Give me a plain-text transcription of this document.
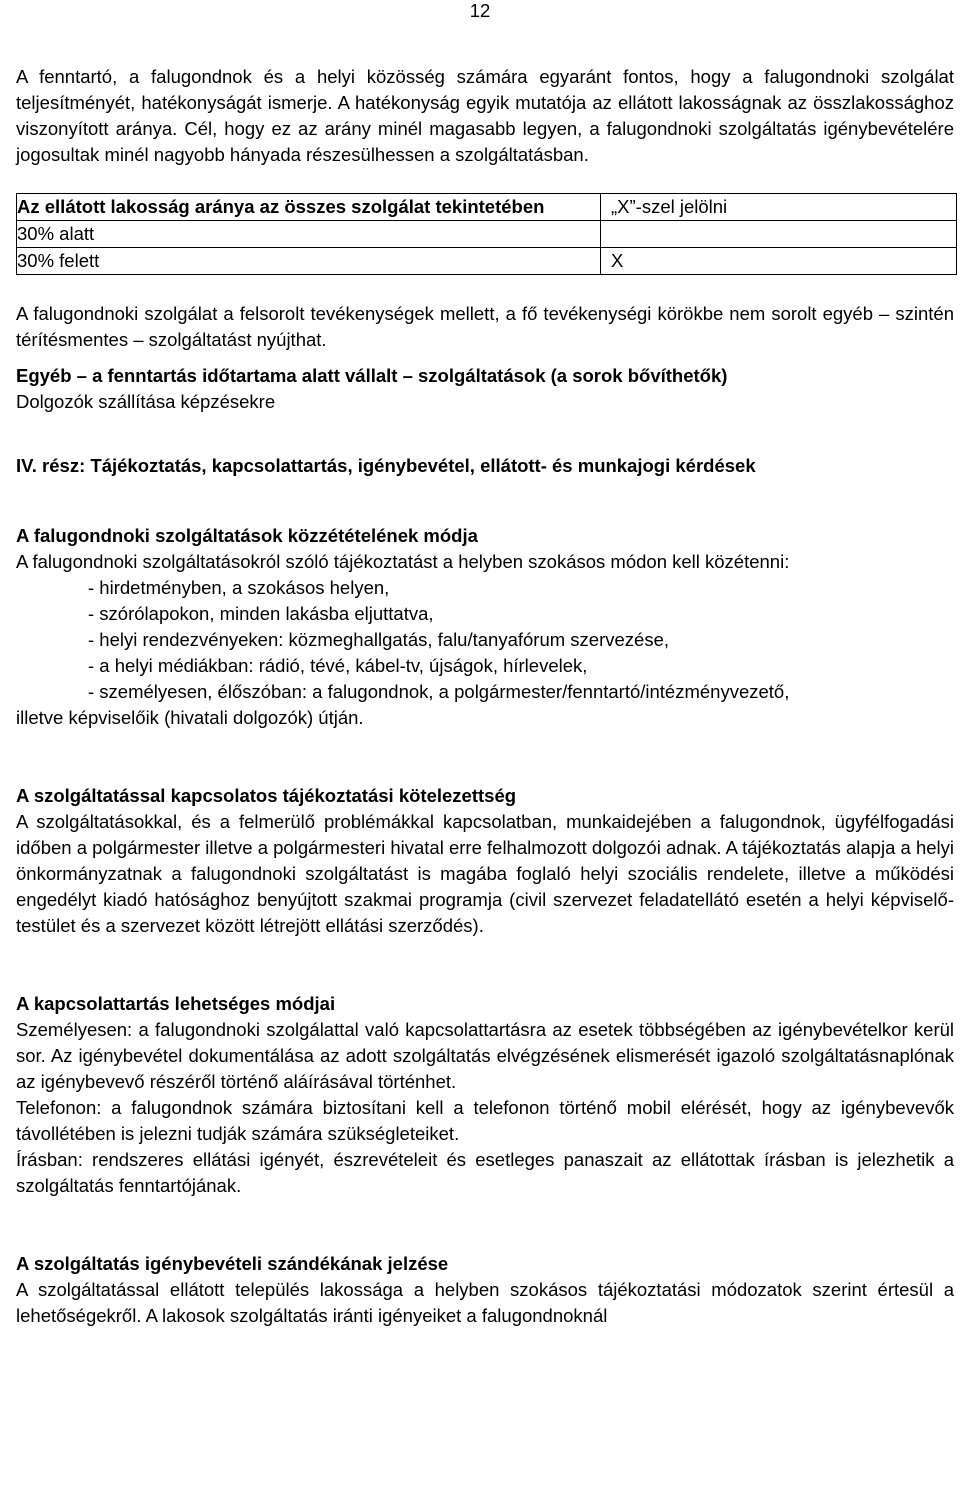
12

A fenntartó, a falugondnok és a helyi közösség számára egyaránt fontos, hogy a falugondnoki szolgálat teljesítményét, hatékonyságát ismerje. A hatékonyság egyik mutatója az ellátott lakosságnak az összlakossághoz viszonyított aránya. Cél, hogy ez az arány minél magasabb legyen, a falugondnoki szolgáltatás igénybevételére jogosultak minél nagyobb hányada részesülhessen a szolgáltatásban.

Az ellátott lakosság aránya az összes szolgálat tekintetében	„X”-szel jelölni
30% alatt	
30% felett	X

A falugondnoki szolgálat a felsorolt tevékenységek mellett, a fő tevékenységi körökbe nem sorolt egyéb – szintén térítésmentes – szolgáltatást nyújthat.

Egyéb – a fenntartás időtartama alatt vállalt – szolgáltatások (a sorok bővíthetők)

Dolgozók szállítása képzésekre

IV. rész: Tájékoztatás, kapcsolattartás, igénybevétel, ellátott- és munkajogi kérdések

A falugondnoki szolgáltatások közzétételének módja

A falugondnoki szolgáltatásokról szóló tájékoztatást a helyben szokásos módon kell közétenni:

- hirdetményben, a szokásos helyen,

- szórólapokon, minden lakásba eljuttatva,

- helyi rendezvényeken: közmeghallgatás, falu/tanyafórum szervezése,

- a helyi médiákban: rádió, tévé, kábel-tv, újságok, hírlevelek,

- személyesen, élőszóban: a falugondnok, a polgármester/fenntartó/intézményvezető,

illetve képviselőik (hivatali dolgozók) útján.

A szolgáltatással kapcsolatos tájékoztatási kötelezettség

A szolgáltatásokkal, és a felmerülő problémákkal kapcsolatban, munkaidejében a falugondnok, ügyfélfogadási időben a polgármester illetve a polgármesteri hivatal erre felhalmozott dolgozói adnak. A tájékoztatás alapja a helyi önkormányzatnak a falugondnoki szolgáltatást is magába foglaló helyi szociális rendelete, illetve a működési engedélyt kiadó hatósághoz benyújtott szakmai programja (civil szervezet feladatellátó esetén a helyi képviselő-testület és a szervezet között létrejött ellátási szerződés).

A kapcsolattartás lehetséges módjai

Személyesen: a falugondnoki szolgálattal való kapcsolattartásra az esetek többségében az igénybevételkor kerül sor. Az igénybevétel dokumentálása az adott szolgáltatás elvégzésének elismerését igazoló szolgáltatásnaplónak az igénybevevő részéről történő aláírásával történhet.

Telefonon: a falugondnok számára biztosítani kell a telefonon történő mobil elérését, hogy az igénybevevők távollétében is jelezni tudják számára szükségleteiket.

Írásban: rendszeres ellátási igényét, észrevételeit és esetleges panaszait az ellátottak írásban is jelezhetik a szolgáltatás fenntartójának.

A szolgáltatás igénybevételi szándékának jelzése

A szolgáltatással ellátott település lakossága a helyben szokásos tájékoztatási módozatok szerint értesül a lehetőségekről. A lakosok szolgáltatás iránti igényeiket a falugondnoknál
